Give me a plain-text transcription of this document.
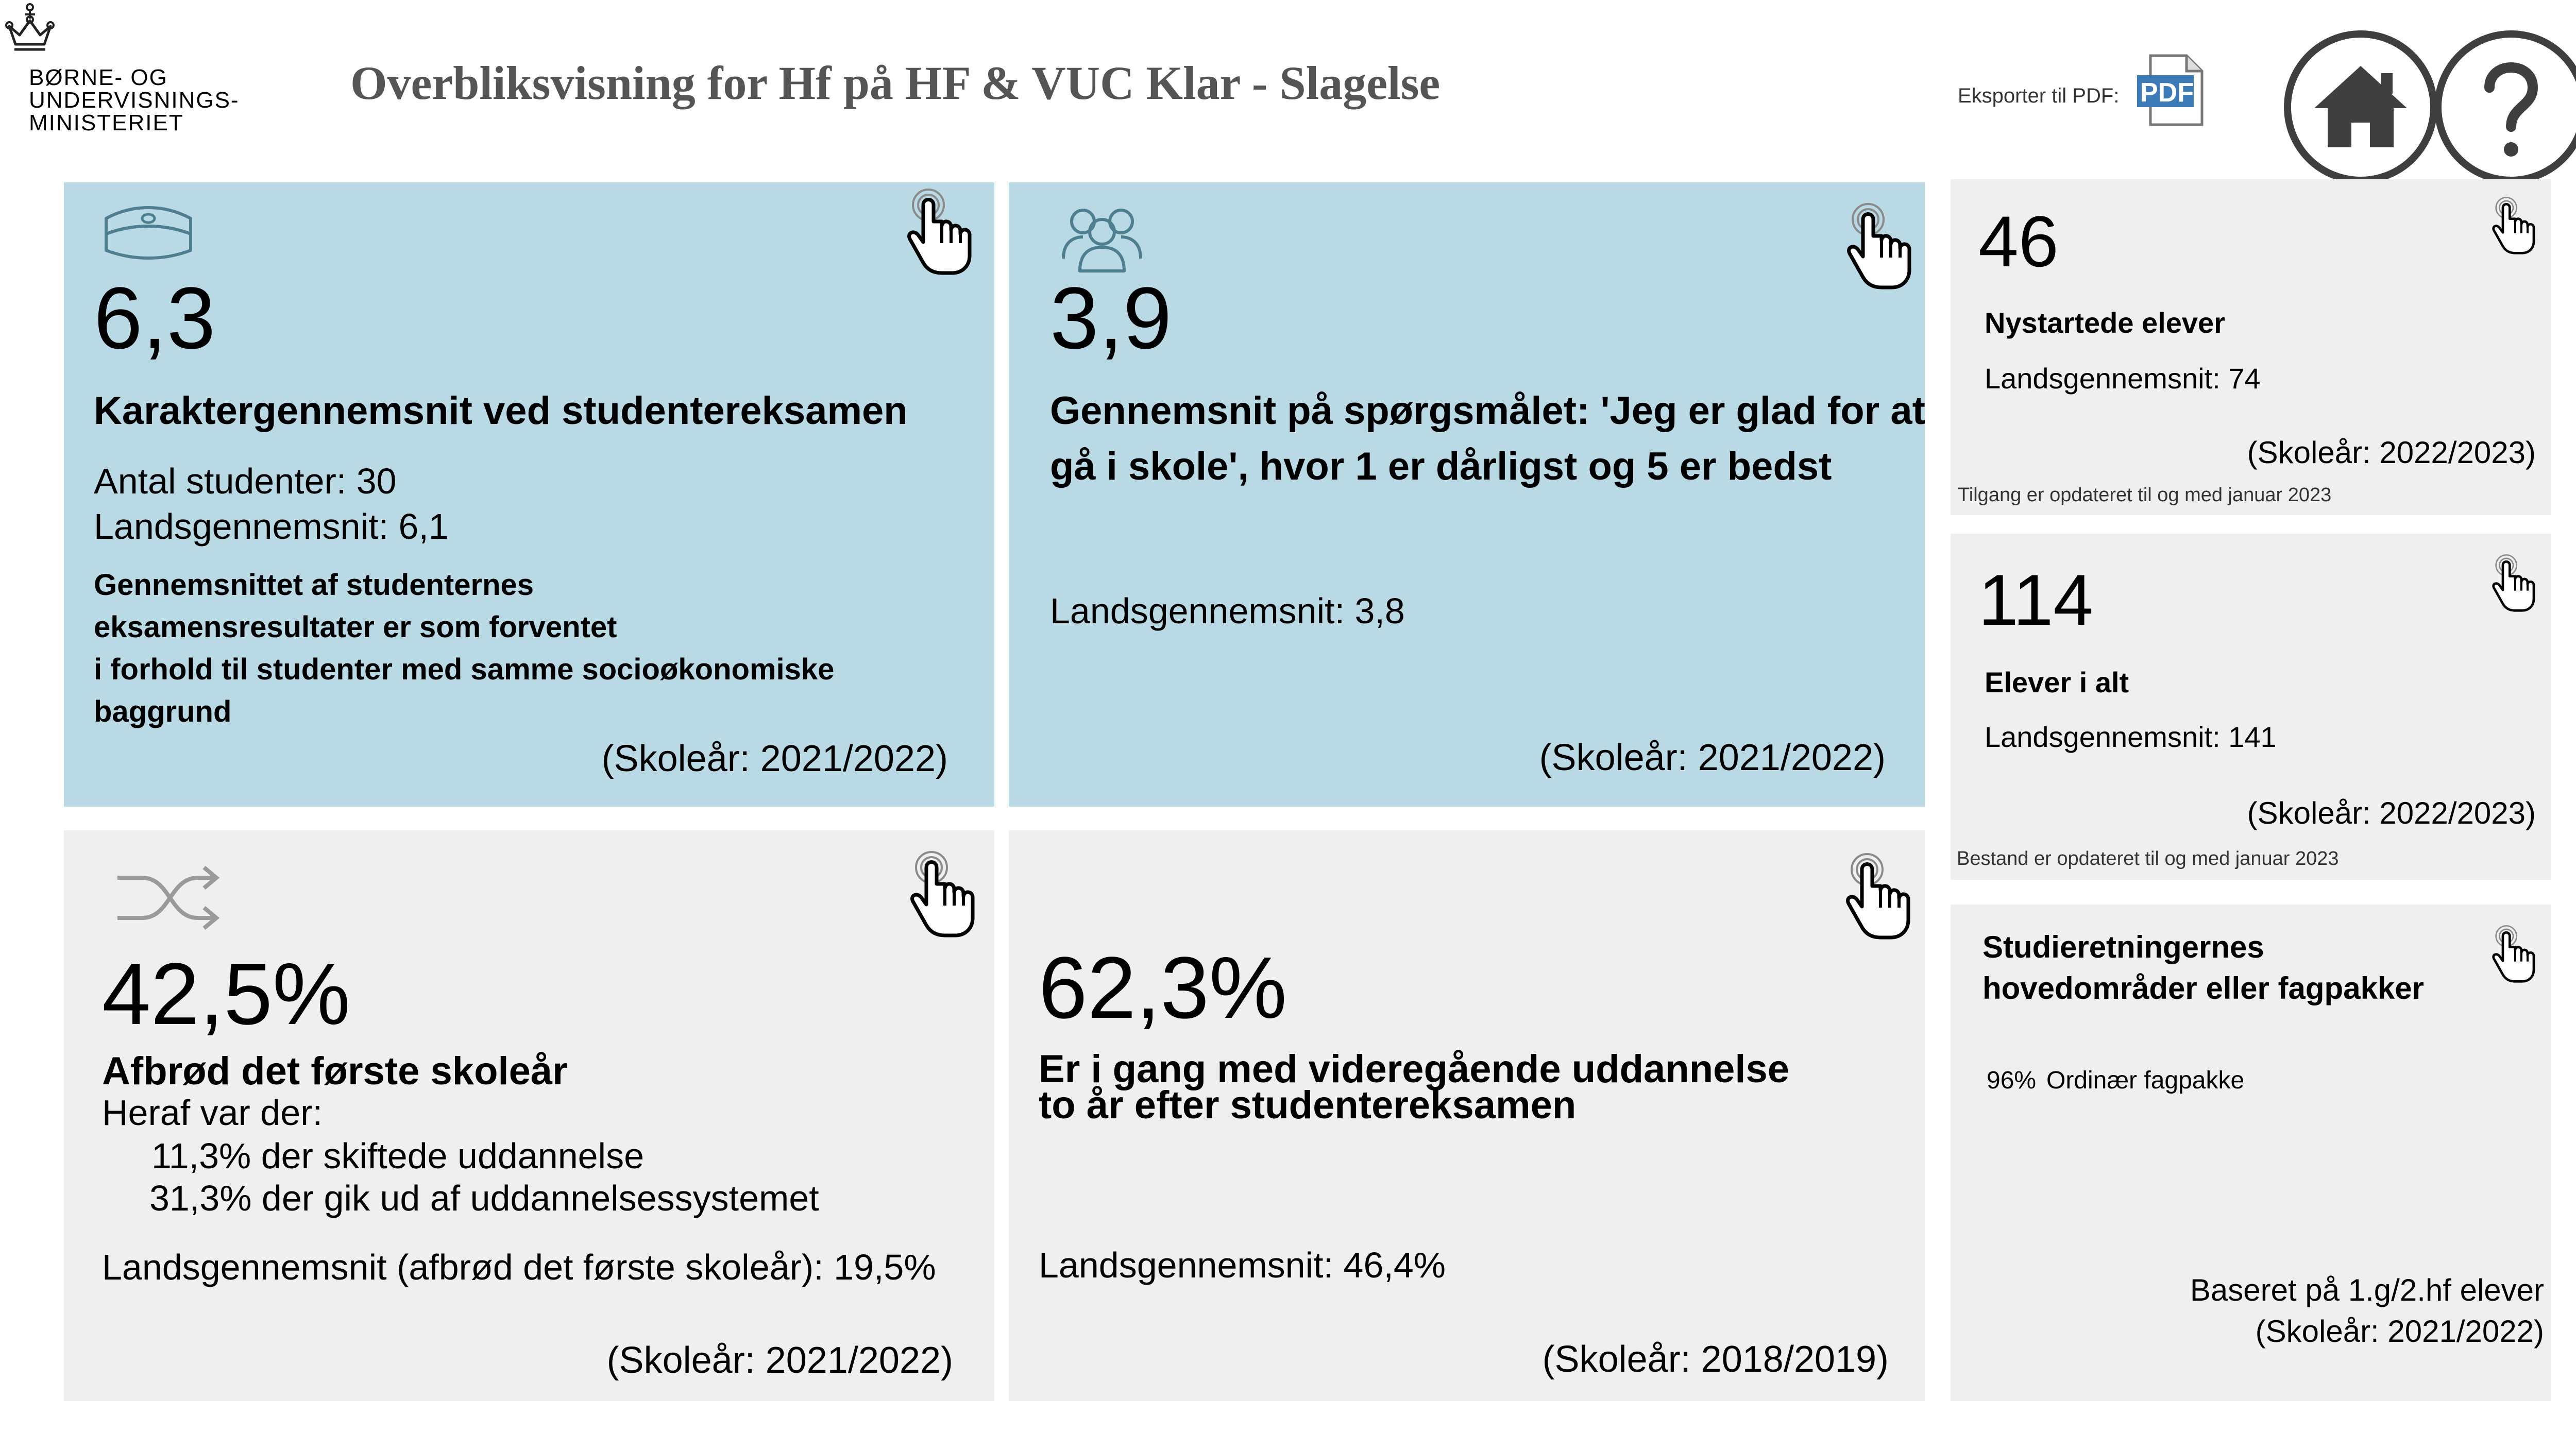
BØRNE- OG
UNDERVISNINGS-
MINISTERIET
Overbliksvisning for Hf på HF & VUC Klar - Slagelse	Eksporter til PDF: PDF
6,3
Karaktergennemsnit ved studentereksamen
Antal studenter: 30
Landsgennemsnit: 6,1
Gennemsnittet af studenternes
eksamensresultater er som forventet
i forhold til studenter med samme socioøkonomiske
baggrund
(Skoleår: 2021/2022)
3,9
Gennemsnit på spørgsmålet: 'Jeg er glad for at
gå i skole', hvor 1 er dårligst og 5 er bedst
Landsgennemsnit: 3,8
(Skoleår: 2021/2022)
46
Nystartede elever
Landsgennemsnit: 74
(Skoleår: 2022/2023)
Tilgang er opdateret til og med januar 2023
114
Elever i alt
Landsgennemsnit: 141
(Skoleår: 2022/2023)
Bestand er opdateret til og med januar 2023
42,5%
Afbrød det første skoleår
Heraf var der:
11,3% der skiftede uddannelse
31,3% der gik ud af uddannelsessystemet
Landsgennemsnit (afbrød det første skoleår): 19,5%
(Skoleår: 2021/2022)
62,3%
Er i gang med videregående uddannelse
to år efter studentereksamen
Landsgennemsnit: 46,4%
(Skoleår: 2018/2019)
Studieretningernes
hovedområder eller fagpakker
96% Ordinær fagpakke
Baseret på 1.g/2.hf elever
(Skoleår: 2021/2022)
